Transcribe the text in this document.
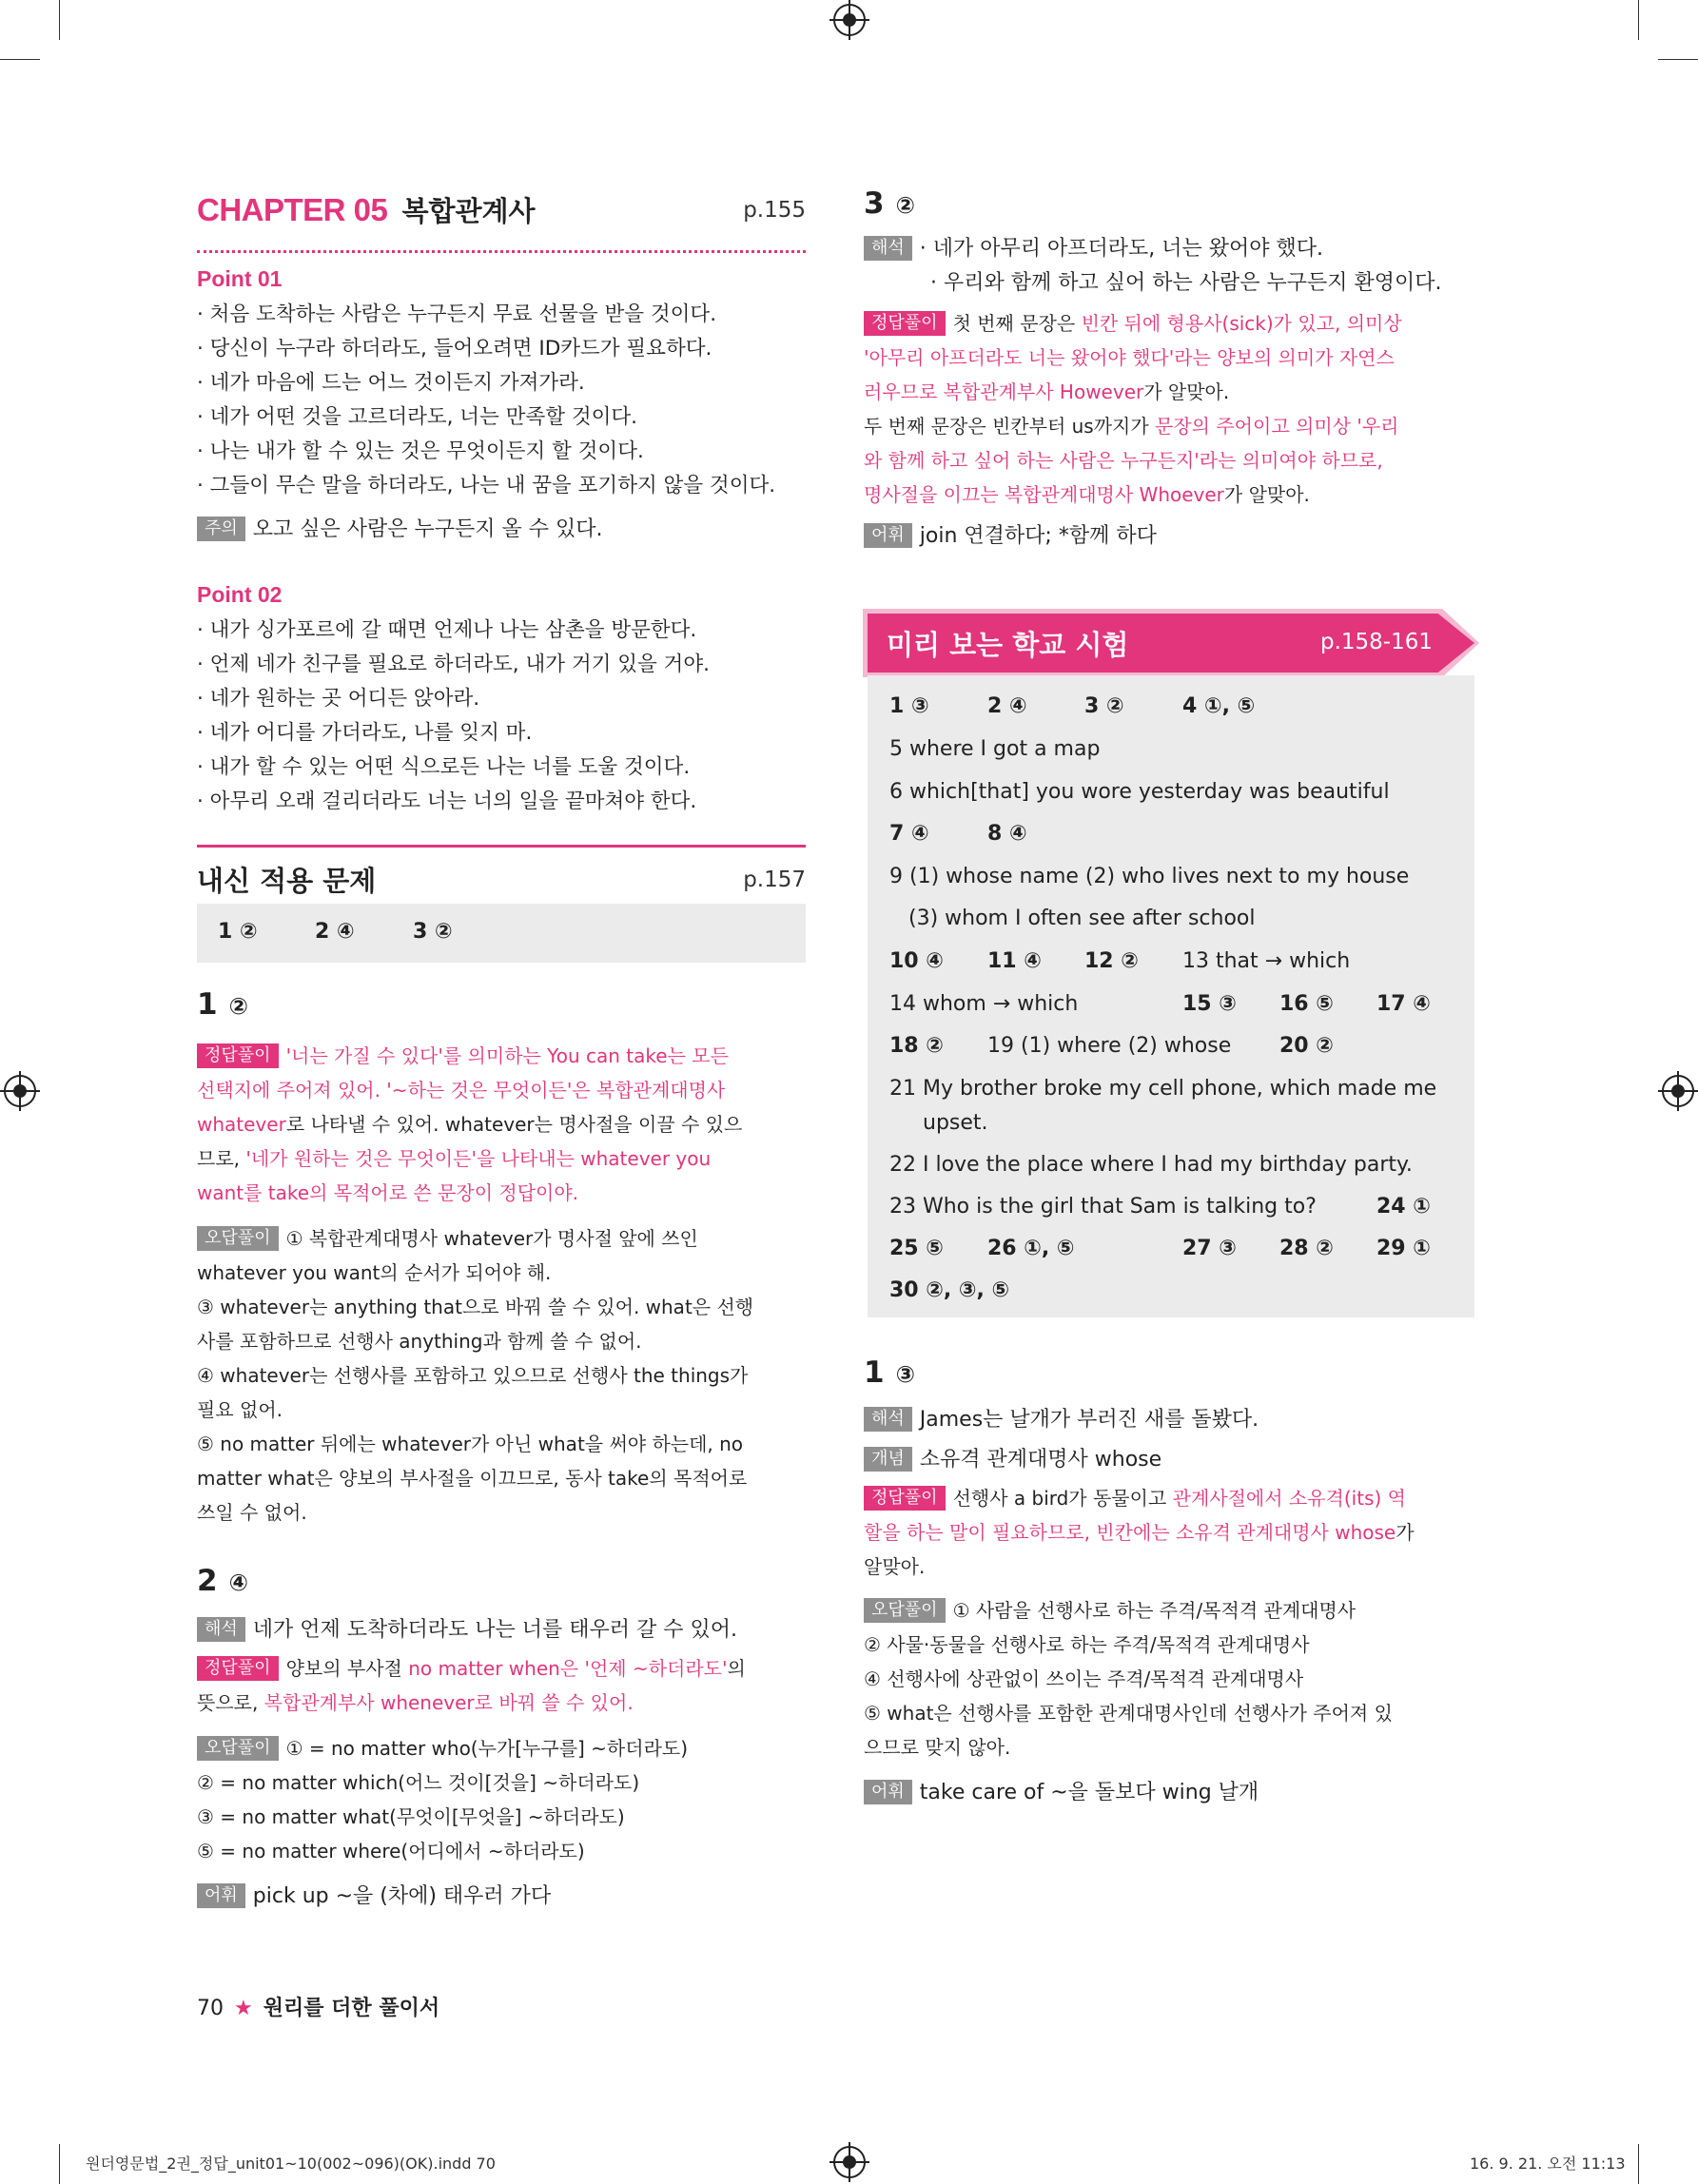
CHAPTER 05 복합관계사	p.155
Point 01
· 처음 도착하는 사람은 누구든지 무료 선물을 받을 것이다.
· 당신이 누구라 하더라도, 들어오려면 ID카드가 필요하다.
· 네가 마음에 드는 어느 것이든지 가져가라.
· 네가 어떤 것을 고르더라도, 너는 만족할 것이다.
· 나는 내가 할 수 있는 것은 무엇이든지 할 것이다.
· 그들이 무슨 말을 하더라도, 나는 내 꿈을 포기하지 않을 것이다.
주의 오고 싶은 사람은 누구든지 올 수 있다.
Point 02
· 내가 싱가포르에 갈 때면 언제나 나는 삼촌을 방문한다.
· 언제 네가 친구를 필요로 하더라도, 내가 거기 있을 거야.
· 네가 원하는 곳 어디든 앉아라.
· 네가 어디를 가더라도, 나를 잊지 마.
· 내가 할 수 있는 어떤 식으로든 나는 너를 도울 것이다.
· 아무리 오래 걸리더라도 너는 너의 일을 끝마쳐야 한다.
내신 적용 문제	p.157
1 ②	2 ④	3 ②
1 ②
정답풀이 '너는 가질 수 있다'를 의미하는 You can take는 모든
선택지에 주어져 있어. '~하는 것은 무엇이든'은 복합관계대명사
whatever로 나타낼 수 있어. whatever는 명사절을 이끌 수 있으
므로, '네가 원하는 것은 무엇이든'을 나타내는 whatever you
want를 take의 목적어로 쓴 문장이 정답이야.
오답풀이 ① 복합관계대명사 whatever가 명사절 앞에 쓰인
whatever you want의 순서가 되어야 해.
③ whatever는 anything that으로 바꿔 쓸 수 있어. what은 선행
사를 포함하므로 선행사 anything과 함께 쓸 수 없어.
④ whatever는 선행사를 포함하고 있으므로 선행사 the things가
필요 없어.
⑤ no matter 뒤에는 whatever가 아닌 what을 써야 하는데, no
matter what은 양보의 부사절을 이끄므로, 동사 take의 목적어로
쓰일 수 없어.
2 ④
해석 네가 언제 도착하더라도 나는 너를 태우러 갈 수 있어.
정답풀이 양보의 부사절 no matter when은 '언제 ~하더라도'의
뜻으로, 복합관계부사 whenever로 바꿔 쓸 수 있어.
오답풀이 ① = no matter who(누가[누구를] ~하더라도)
② = no matter which(어느 것이[것을] ~하더라도)
③ = no matter what(무엇이[무엇을] ~하더라도)
⑤ = no matter where(어디에서 ~하더라도)
어휘 pick up ~을 (차에) 태우러 가다
70 ★ 원리를 더한 풀이서
원더영문법_2권_정답_unit01~10(002~096)(OK).indd 70	16. 9. 21. 오전 11:13
3 ②
해석 · 네가 아무리 아프더라도, 너는 왔어야 했다.
· 우리와 함께 하고 싶어 하는 사람은 누구든지 환영이다.
정답풀이 첫 번째 문장은 빈칸 뒤에 형용사(sick)가 있고, 의미상
'아무리 아프더라도 너는 왔어야 했다'라는 양보의 의미가 자연스
러우므로 복합관계부사 However가 알맞아.
두 번째 문장은 빈칸부터 us까지가 문장의 주어이고 의미상 '우리
와 함께 하고 싶어 하는 사람은 누구든지'라는 의미여야 하므로,
명사절을 이끄는 복합관계대명사 Whoever가 알맞아.
어휘 join 연결하다; *함께 하다
미리 보는 학교 시험	p.158-161
1 ③	2 ④	3 ②	4 ①, ⑤
5 where I got a map
6 which[that] you wore yesterday was beautiful
7 ④	8 ④
9 (1) whose name (2) who lives next to my house
(3) whom I often see after school
10 ④ 11 ④ 12 ② 13 that → which
14 whom → which	15 ③ 16 ⑤ 17 ④
18 ② 19 (1) where (2) whose 20 ②
21 My brother broke my cell phone, which made me
upset.
22 I love the place where I had my birthday party.
23 Who is the girl that Sam is talking to?	24 ①
25 ⑤ 26 ①, ⑤	27 ③ 28 ② 29 ①
30 ②, ③, ⑤
1 ③
해석 James는 날개가 부러진 새를 돌봤다.
개념 소유격 관계대명사 whose
정답풀이 선행사 a bird가 동물이고 관계사절에서 소유격(its) 역
할을 하는 말이 필요하므로, 빈칸에는 소유격 관계대명사 whose가
알맞아.
오답풀이 ① 사람을 선행사로 하는 주격/목적격 관계대명사
② 사물·동물을 선행사로 하는 주격/목적격 관계대명사
④ 선행사에 상관없이 쓰이는 주격/목적격 관계대명사
⑤ what은 선행사를 포함한 관계대명사인데 선행사가 주어져 있
으므로 맞지 않아.
어휘 take care of ~을 돌보다 wing 날개
